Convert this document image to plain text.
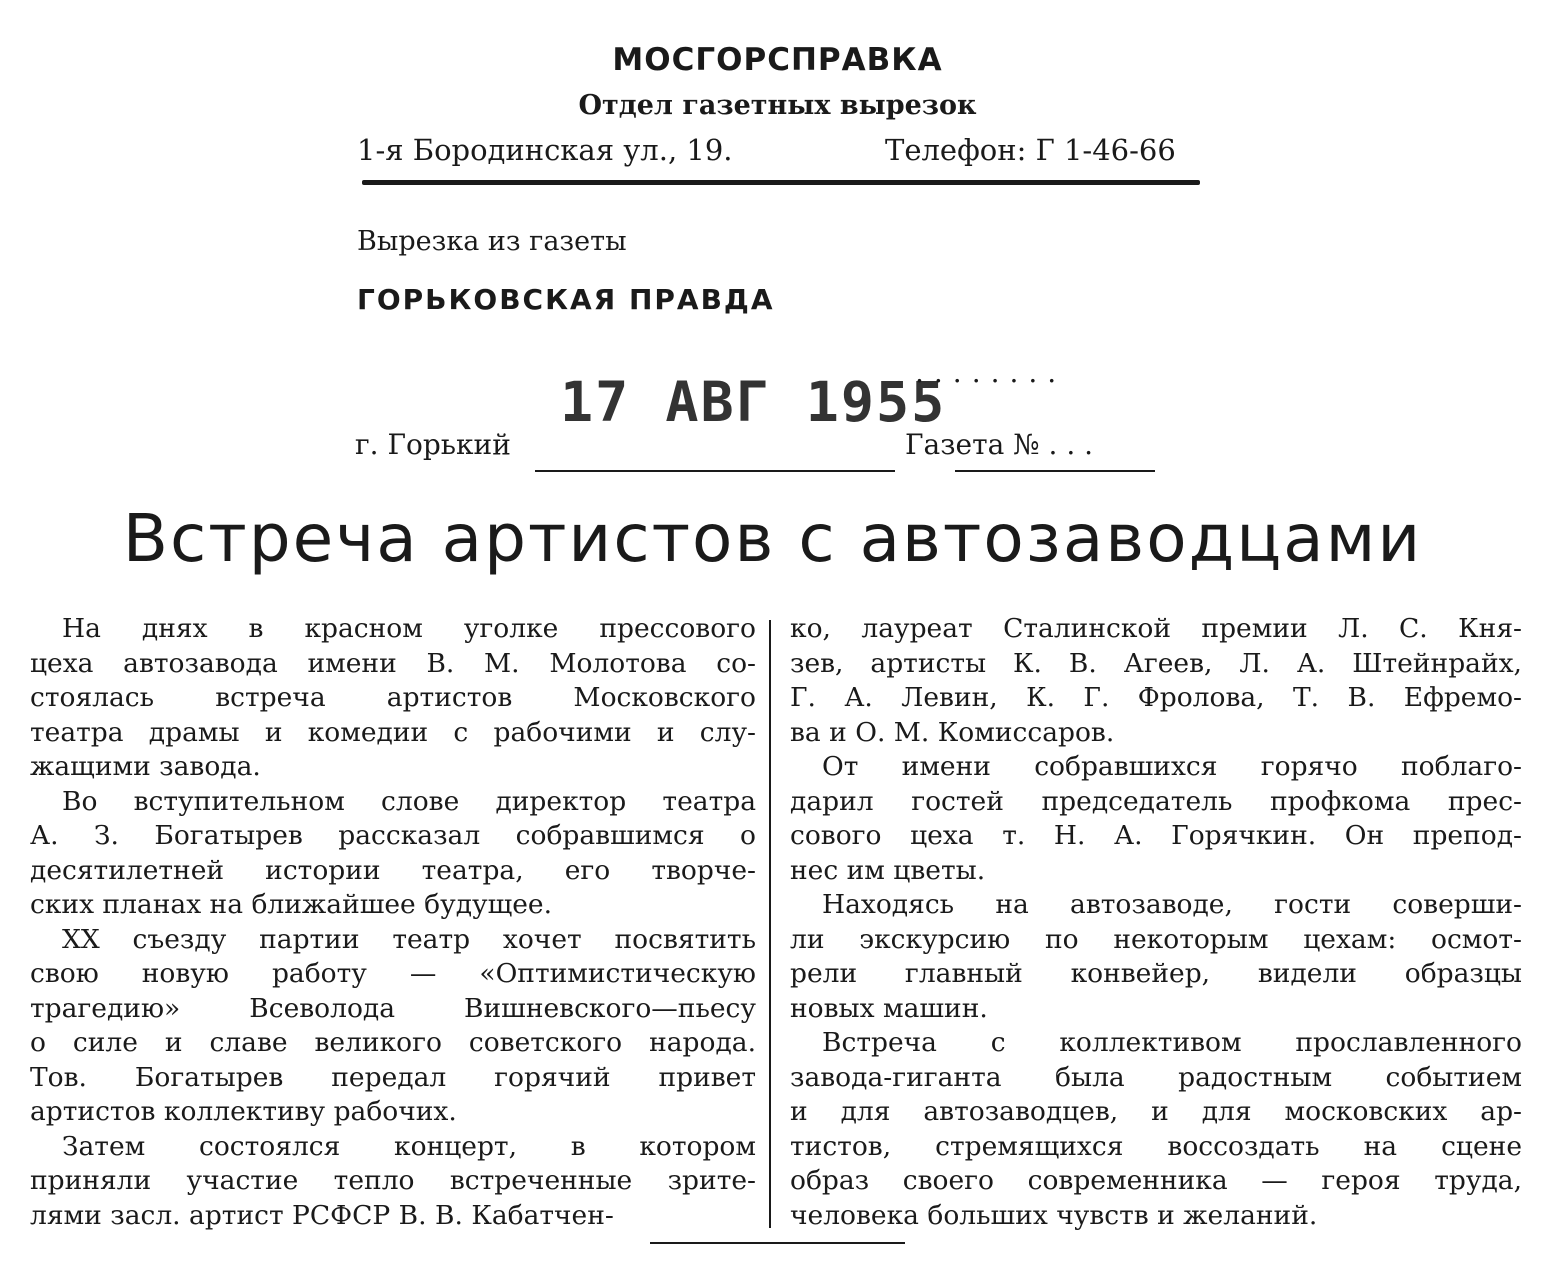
МОСГОРСПРАВКА
Отдел газетных вырезок
1-я Бородинская ул., 19.	Телефон: Г 1-46-66
Вырезка из газеты
ГОРЬКОВСКАЯ ПРАВДА
17 АВГ 1955
........
г. Горький	Газета № . . .
Встреча артистов с автозаводцами
На днях в красном уголке прессового
цеха автозавода имени В. М. Молотова со-
стоялась встреча артистов Московского
театра драмы и комедии с рабочими и слу-
жащими завода.
Во вступительном слове директор театра
А. З. Богатырев рассказал собравшимся о
десятилетней истории театра, его творче-
ских планах на ближайшее будущее.
XX съезду партии театр хочет посвятить
свою новую работу — «Оптимистическую
трагедию» Всеволода Вишневского—пьесу
о силе и славе великого советского народа.
Тов. Богатырев передал горячий привет
артистов коллективу рабочих.
Затем состоялся концерт, в котором
приняли участие тепло встреченные зрите-
лями засл. артист РСФСР В. В. Кабатчен-
ко, лауреат Сталинской премии Л. С. Кня-
зев, артисты К. В. Агеев, Л. А. Штейнрайх,
Г. А. Левин, К. Г. Фролова, Т. В. Ефремо-
ва и О. М. Комиссаров.
От имени собравшихся горячо поблаго-
дарил гостей председатель профкома прес-
сового цеха т. Н. А. Горячкин. Он препод-
нес им цветы.
Находясь на автозаводе, гости соверши-
ли экскурсию по некоторым цехам: осмот-
рели главный конвейер, видели образцы
новых машин.
Встреча с коллективом прославленного
завода-гиганта была радостным событием
и для автозаводцев, и для московских ар-
тистов, стремящихся воссоздать на сцене
образ своего современника — героя труда,
человека больших чувств и желаний.
